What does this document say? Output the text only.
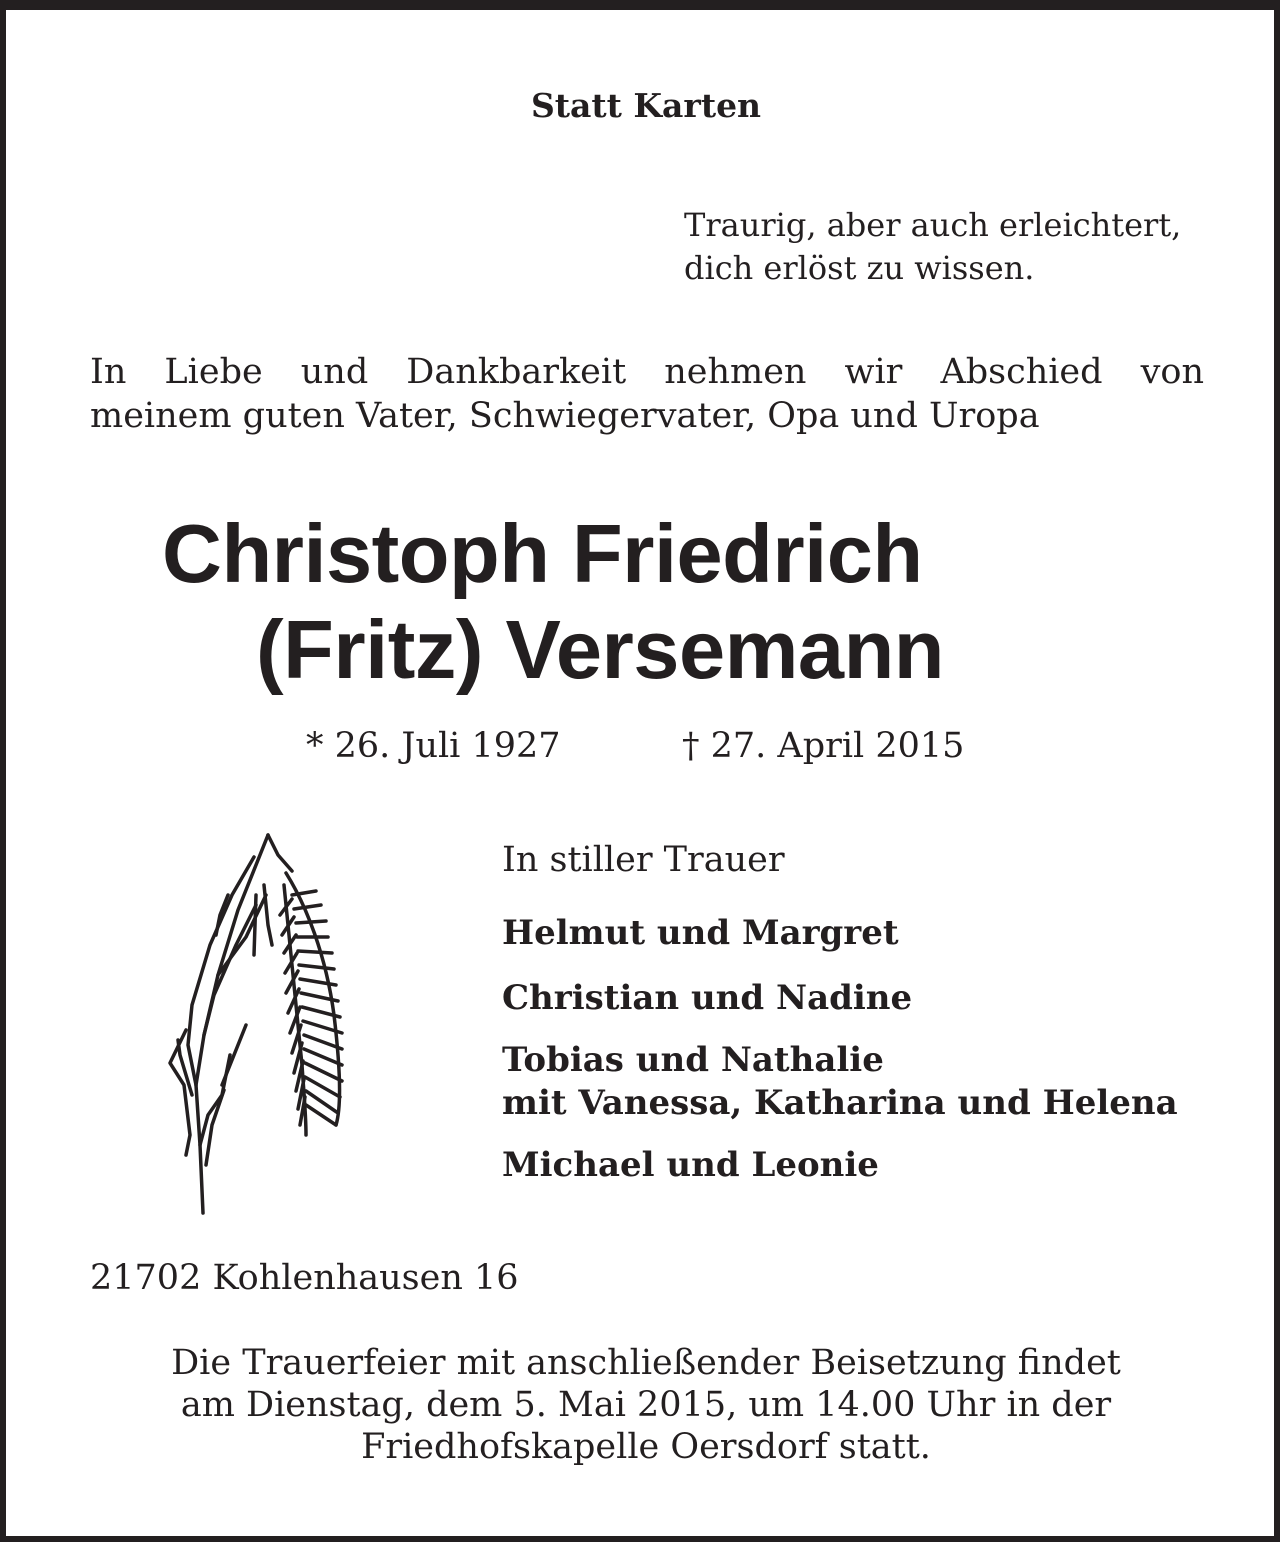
Statt Karten

Traurig, aber auch erleichtert,
dich erlöst zu wissen.
In Liebe und Dankbarkeit nehmen wir Abschied von
meinem guten Vater, Schwiegervater, Opa und Uropa

Christoph Friedrich

(Fritz) Versemann

* 26. Juli 1927	† 27. April 2015

In stiller Trauer

Helmut und Margret

Christian und Nadine

Tobias und Nathalie

mit Vanessa, Katharina und Helena

Michael und Leonie

21702 Kohlenhausen 16

Die Trauerfeier mit anschließender Beisetzung findet
am Dienstag, dem 5. Mai 2015, um 14.00 Uhr in der
Friedhofskapelle Oersdorf statt.
